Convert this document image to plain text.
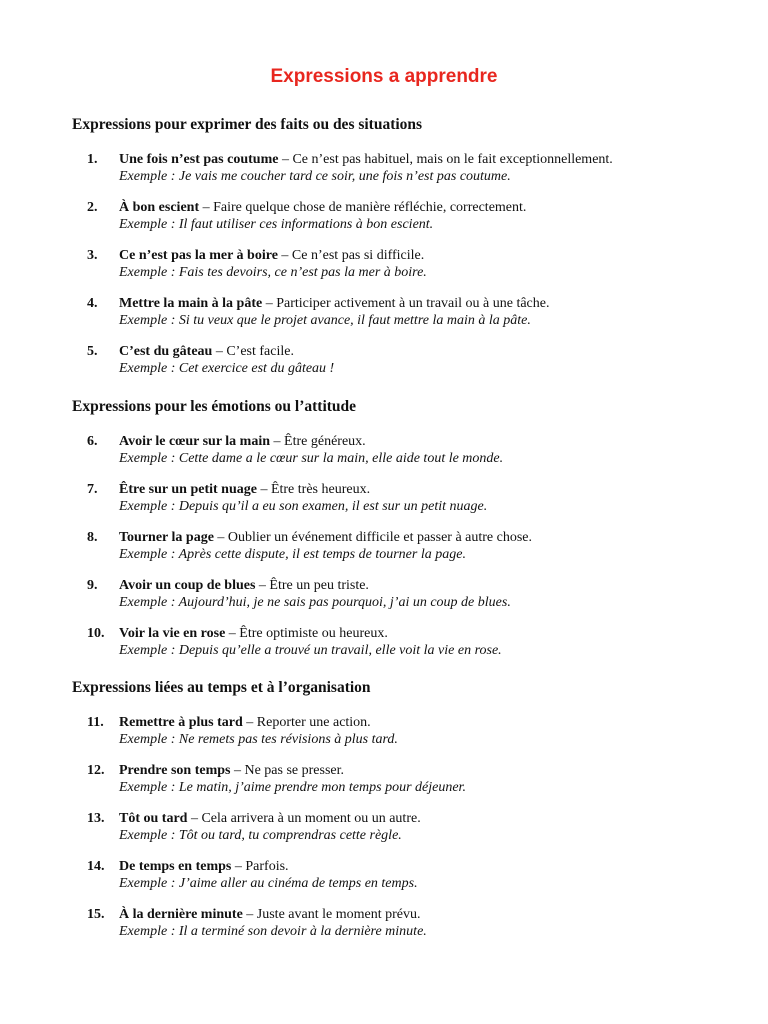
Expressions a apprendre
Expressions pour exprimer des faits ou des situations
1. Une fois n’est pas coutume – Ce n’est pas habituel, mais on le fait exceptionnellement.
Exemple : Je vais me coucher tard ce soir, une fois n’est pas coutume.
2. À bon escient – Faire quelque chose de manière réfléchie, correctement.
Exemple : Il faut utiliser ces informations à bon escient.
3. Ce n’est pas la mer à boire – Ce n’est pas si difficile.
Exemple : Fais tes devoirs, ce n’est pas la mer à boire.
4. Mettre la main à la pâte – Participer activement à un travail ou à une tâche.
Exemple : Si tu veux que le projet avance, il faut mettre la main à la pâte.
5. C’est du gâteau – C’est facile.
Exemple : Cet exercice est du gâteau !
Expressions pour les émotions ou l’attitude
6. Avoir le cœur sur la main – Être généreux.
Exemple : Cette dame a le cœur sur la main, elle aide tout le monde.
7. Être sur un petit nuage – Être très heureux.
Exemple : Depuis qu’il a eu son examen, il est sur un petit nuage.
8. Tourner la page – Oublier un événement difficile et passer à autre chose.
Exemple : Après cette dispute, il est temps de tourner la page.
9. Avoir un coup de blues – Être un peu triste.
Exemple : Aujourd’hui, je ne sais pas pourquoi, j’ai un coup de blues.
10. Voir la vie en rose – Être optimiste ou heureux.
Exemple : Depuis qu’elle a trouvé un travail, elle voit la vie en rose.
Expressions liées au temps et à l’organisation
11. Remettre à plus tard – Reporter une action.
Exemple : Ne remets pas tes révisions à plus tard.
12. Prendre son temps – Ne pas se presser.
Exemple : Le matin, j’aime prendre mon temps pour déjeuner.
13. Tôt ou tard – Cela arrivera à un moment ou un autre.
Exemple : Tôt ou tard, tu comprendras cette règle.
14. De temps en temps – Parfois.
Exemple : J’aime aller au cinéma de temps en temps.
15. À la dernière minute – Juste avant le moment prévu.
Exemple : Il a terminé son devoir à la dernière minute.
